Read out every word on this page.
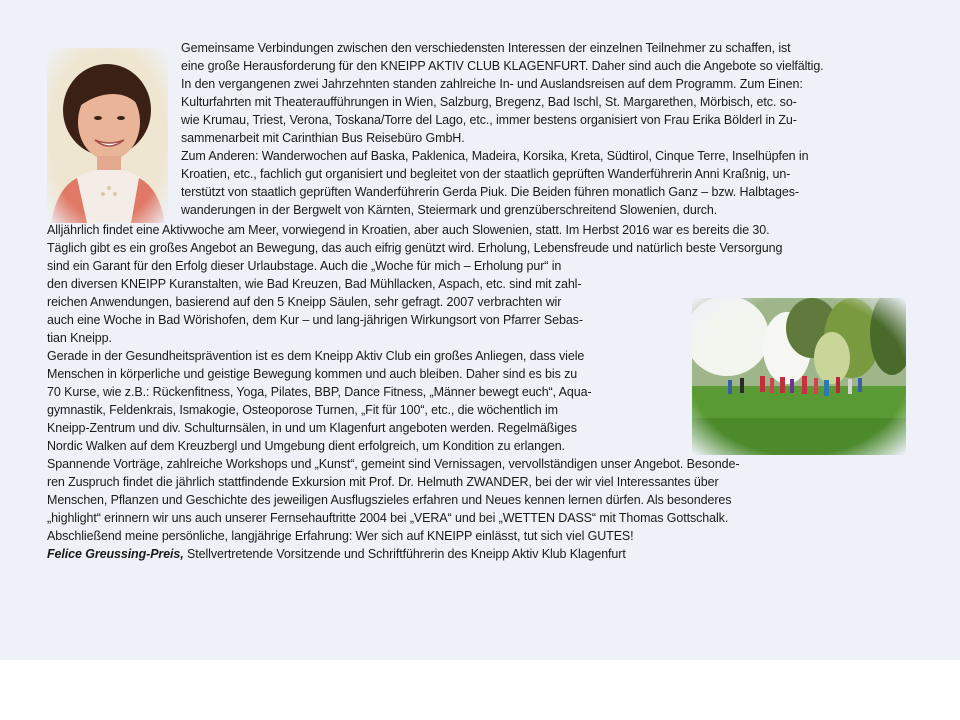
Gemeinsame Verbindungen zwischen den verschiedensten Interessen der einzelnen Teilnehmer zu schaffen, ist
eine große Herausforderung für den KNEIPP AKTIV CLUB KLAGENFURT. Daher sind auch die Angebote so vielfältig.
In den vergangenen zwei Jahrzehnten standen zahlreiche In- und Auslandsreisen auf dem Programm. Zum Einen:
Kulturfahrten mit Theateraufführungen in Wien, Salzburg, Bregenz, Bad Ischl, St. Margarethen, Mörbisch, etc. so-
wie Krumau, Triest, Verona, Toskana/Torre del Lago, etc., immer bestens organisiert von Frau Erika Bölderl in Zu-
sammenarbeit mit Carinthian Bus Reisebüro GmbH.
Zum Anderen: Wanderwochen auf Baska, Paklenica, Madeira, Korsika, Kreta, Südtirol, Cinque Terre, Inselhüpfen in
Kroatien, etc., fachlich gut organisiert und begleitet von der staatlich geprüften Wanderführerin Anni Kraßnig, un-
terstützt von staatlich geprüften Wanderführerin Gerda Piuk. Die Beiden führen monatlich Ganz – bzw. Halbtages-
wanderungen in der Bergwelt von Kärnten, Steiermark und grenzüberschreitend Slowenien, durch.
Alljährlich findet eine Aktivwoche am Meer, vorwiegend in Kroatien, aber auch Slowenien, statt. Im Herbst 2016 war es bereits die 30.
Täglich gibt es ein großes Angebot an Bewegung, das auch eifrig genützt wird. Erholung, Lebensfreude und natürlich beste Versorgung
sind ein Garant für den Erfolg dieser Urlaubstage. Auch die „Woche für mich – Erholung pur“ in
den diversen KNEIPP Kuranstalten, wie Bad Kreuzen, Bad Mühllacken, Aspach, etc. sind mit zahl-
reichen Anwendungen, basierend auf den 5 Kneipp Säulen, sehr gefragt. 2007 verbrachten wir
auch eine Woche in Bad Wörishofen, dem Kur – und lang-jährigen Wirkungsort von Pfarrer Sebas-
tian Kneipp.
Gerade in der Gesundheitsprävention ist es dem Kneipp Aktiv Club ein großes Anliegen, dass viele
Menschen in körperliche und geistige Bewegung kommen und auch bleiben. Daher sind es bis zu
70 Kurse, wie z.B.: Rückenfitness, Yoga, Pilates, BBP, Dance Fitness, „Männer bewegt euch“, Aqua-
gymnastik, Feldenkrais, Ismakogie, Osteoporose Turnen, „Fit für 100“, etc., die wöchentlich im
Kneipp-Zentrum und div. Schulturnsälen, in und um Klagenfurt angeboten werden. Regelmäßiges
Nordic Walken auf dem Kreuzbergl und Umgebung dient erfolgreich, um Kondition zu erlangen.
Spannende Vorträge, zahlreiche Workshops und „Kunst“, gemeint sind Vernissagen, vervollständigen unser Angebot. Besonde-
ren Zuspruch findet die jährlich stattfindende Exkursion mit Prof. Dr. Helmuth ZWANDER, bei der wir viel Interessantes über
Menschen, Pflanzen und Geschichte des jeweiligen Ausflugszieles erfahren und Neues kennen lernen dürfen. Als besonderes
„highlight“ erinnern wir uns auch unserer Fernsehauftritte 2004 bei „VERA“ und bei „WETTEN DASS“ mit Thomas Gottschalk.
Abschließend meine persönliche, langjährige Erfahrung: Wer sich auf KNEIPP einlässt, tut sich viel GUTES!
Felice Greussing-Preis, Stellvertretende Vorsitzende und Schriftführerin des Kneipp Aktiv Klub Klagenfurt
